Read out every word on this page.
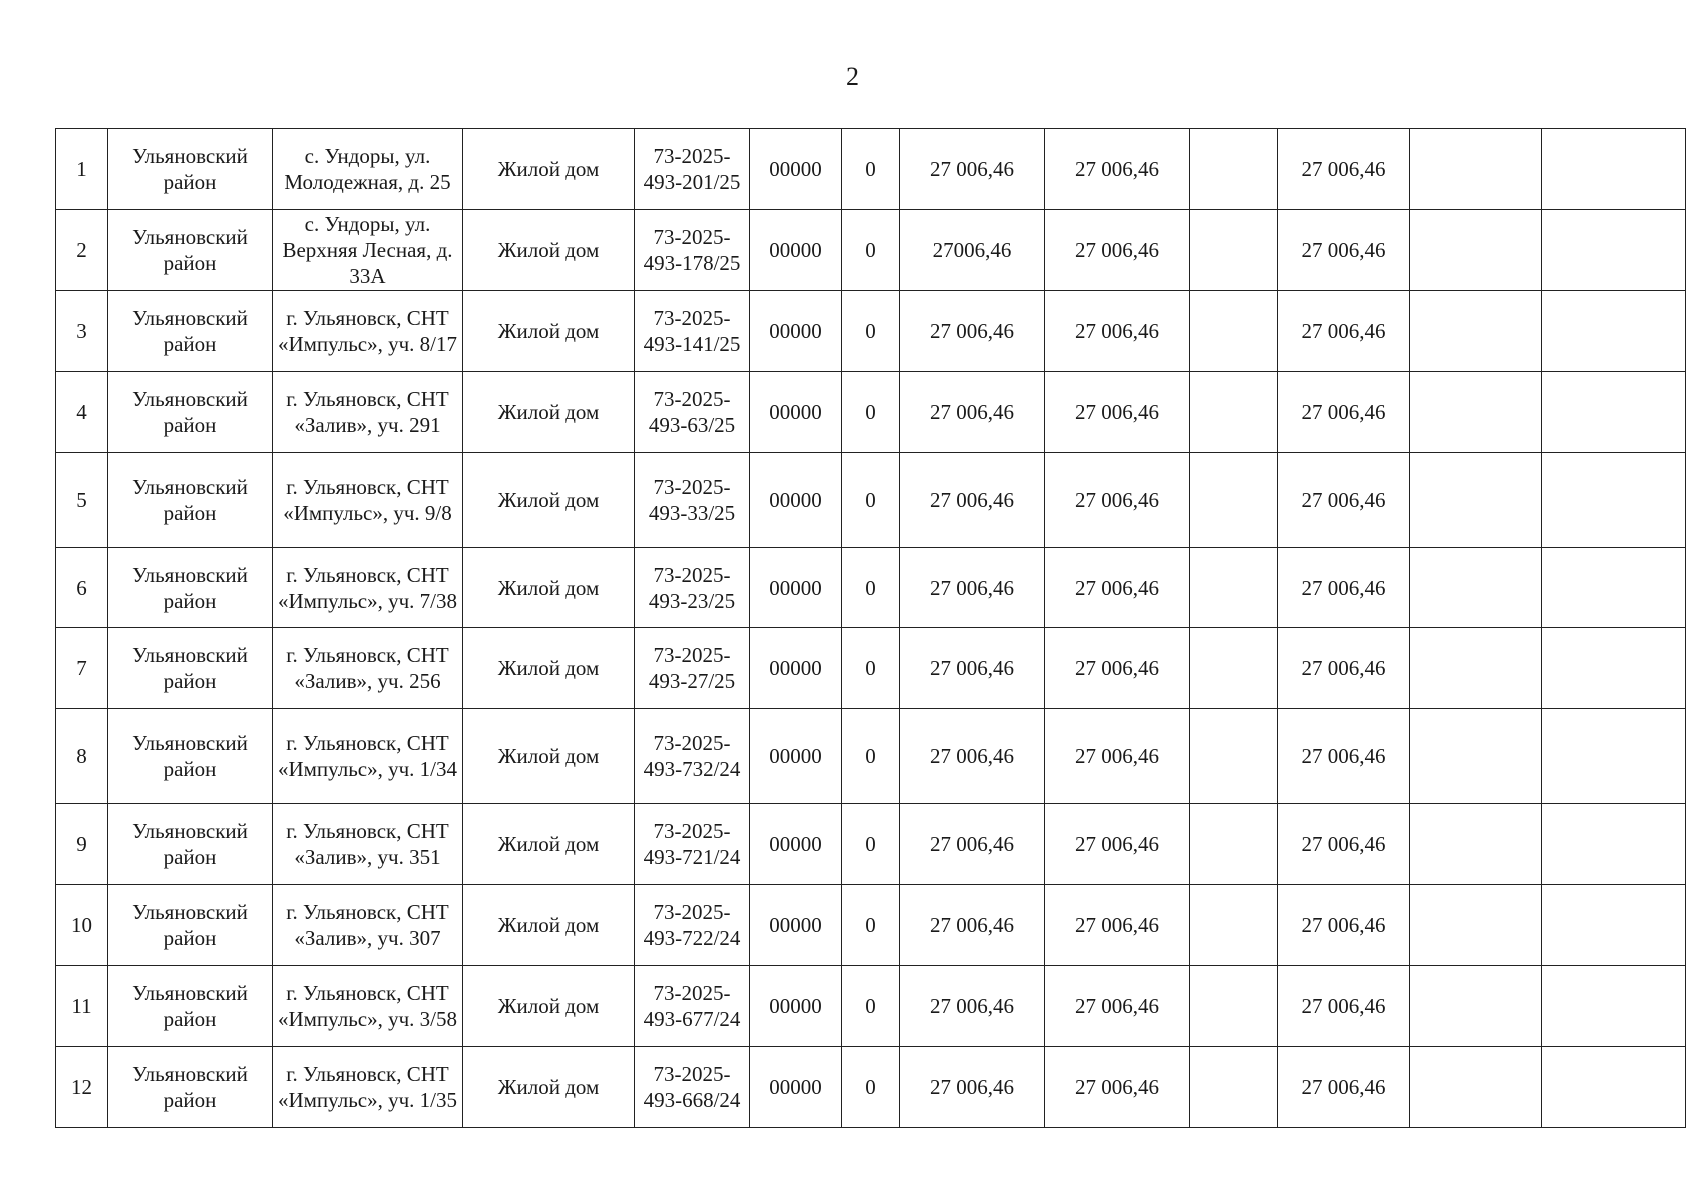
2
1	Ульяновский район	с. Ундоры, ул. Молодежная, д. 25	Жилой дом	73-2025-493-201/25	00000	0	27 006,46	27 006,46		27 006,46		
2	Ульяновский район	с. Ундоры, ул. Верхняя Лесная, д. 33А	Жилой дом	73-2025-493-178/25	00000	0	27006,46	27 006,46		27 006,46		
3	Ульяновский район	г. Ульяновск, СНТ «Импульс», уч. 8/17	Жилой дом	73-2025-493-141/25	00000	0	27 006,46	27 006,46		27 006,46		
4	Ульяновский район	г. Ульяновск, СНТ «Залив», уч. 291	Жилой дом	73-2025-493-63/25	00000	0	27 006,46	27 006,46		27 006,46		
5	Ульяновский район	г. Ульяновск, СНТ «Импульс», уч. 9/8	Жилой дом	73-2025-493-33/25	00000	0	27 006,46	27 006,46		27 006,46		
6	Ульяновский район	г. Ульяновск, СНТ «Импульс», уч. 7/38	Жилой дом	73-2025-493-23/25	00000	0	27 006,46	27 006,46		27 006,46		
7	Ульяновский район	г. Ульяновск, СНТ «Залив», уч. 256	Жилой дом	73-2025-493-27/25	00000	0	27 006,46	27 006,46		27 006,46		
8	Ульяновский район	г. Ульяновск, СНТ «Импульс», уч. 1/34	Жилой дом	73-2025-493-732/24	00000	0	27 006,46	27 006,46		27 006,46		
9	Ульяновский район	г. Ульяновск, СНТ «Залив», уч. 351	Жилой дом	73-2025-493-721/24	00000	0	27 006,46	27 006,46		27 006,46		
10	Ульяновский район	г. Ульяновск, СНТ «Залив», уч. 307	Жилой дом	73-2025-493-722/24	00000	0	27 006,46	27 006,46		27 006,46		
11	Ульяновский район	г. Ульяновск, СНТ «Импульс», уч. 3/58	Жилой дом	73-2025-493-677/24	00000	0	27 006,46	27 006,46		27 006,46		
12	Ульяновский район	г. Ульяновск, СНТ «Импульс», уч. 1/35	Жилой дом	73-2025-493-668/24	00000	0	27 006,46	27 006,46		27 006,46		
